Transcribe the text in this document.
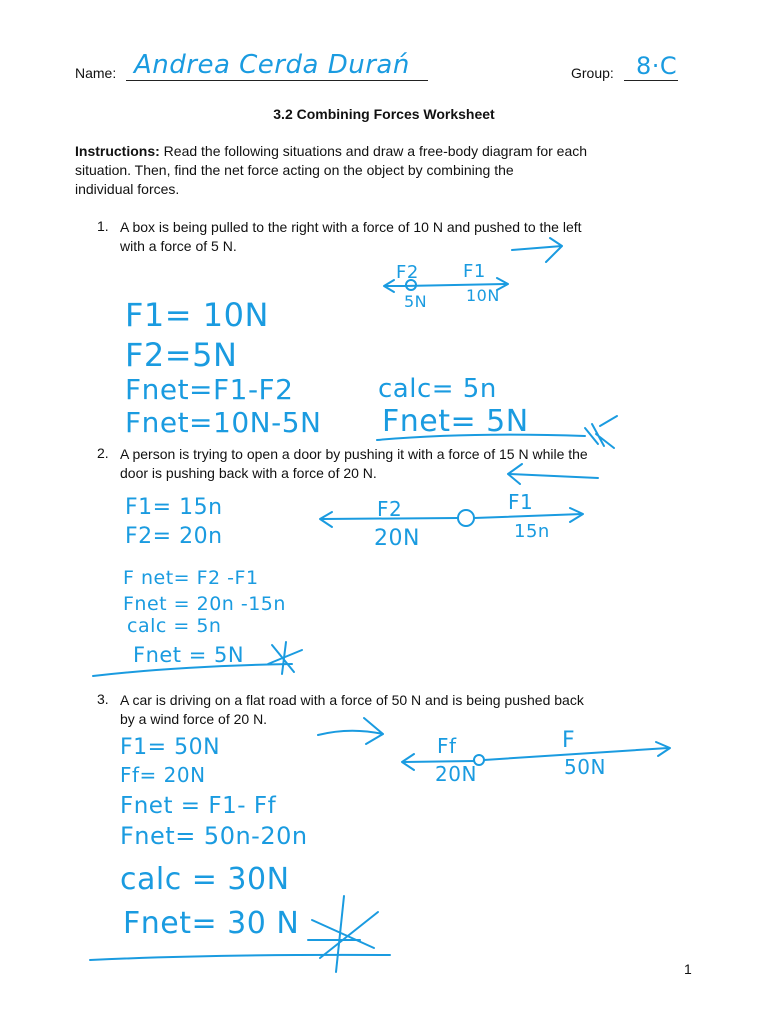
Name: Andrea Cerda Durań	Group: 8·C
3.2 Combining Forces Worksheet
Instructions: Read the following situations and draw a free-body diagram for each
situation. Then, find the net force acting on the object by combining the
individual forces.
1. A box is being pulled to the right with a force of 10 N and pushed to the left
with a force of 5 N.
F2
5N
F1
10N
F1= 10N
F2=5N
Fnet=F1-F2
Fnet=10N-5N
calc= 5n
Fnet= 5N
2. A person is trying to open a door by pushing it with a force of 15 N while the
door is pushing back with a force of 20 N.
F1= 15n
F2= 20n
F2
20N
F1
15n
F net= F2 -F1
Fnet = 20n -15n
calc = 5n
Fnet = 5N
3. A car is driving on a flat road with a force of 50 N and is being pushed back
by a wind force of 20 N.
F1= 50N
Ff= 20N
Ff
20N
F
50N
Fnet = F1- Ff
Fnet= 50n-20n
calc = 30N
Fnet= 30 N
1
